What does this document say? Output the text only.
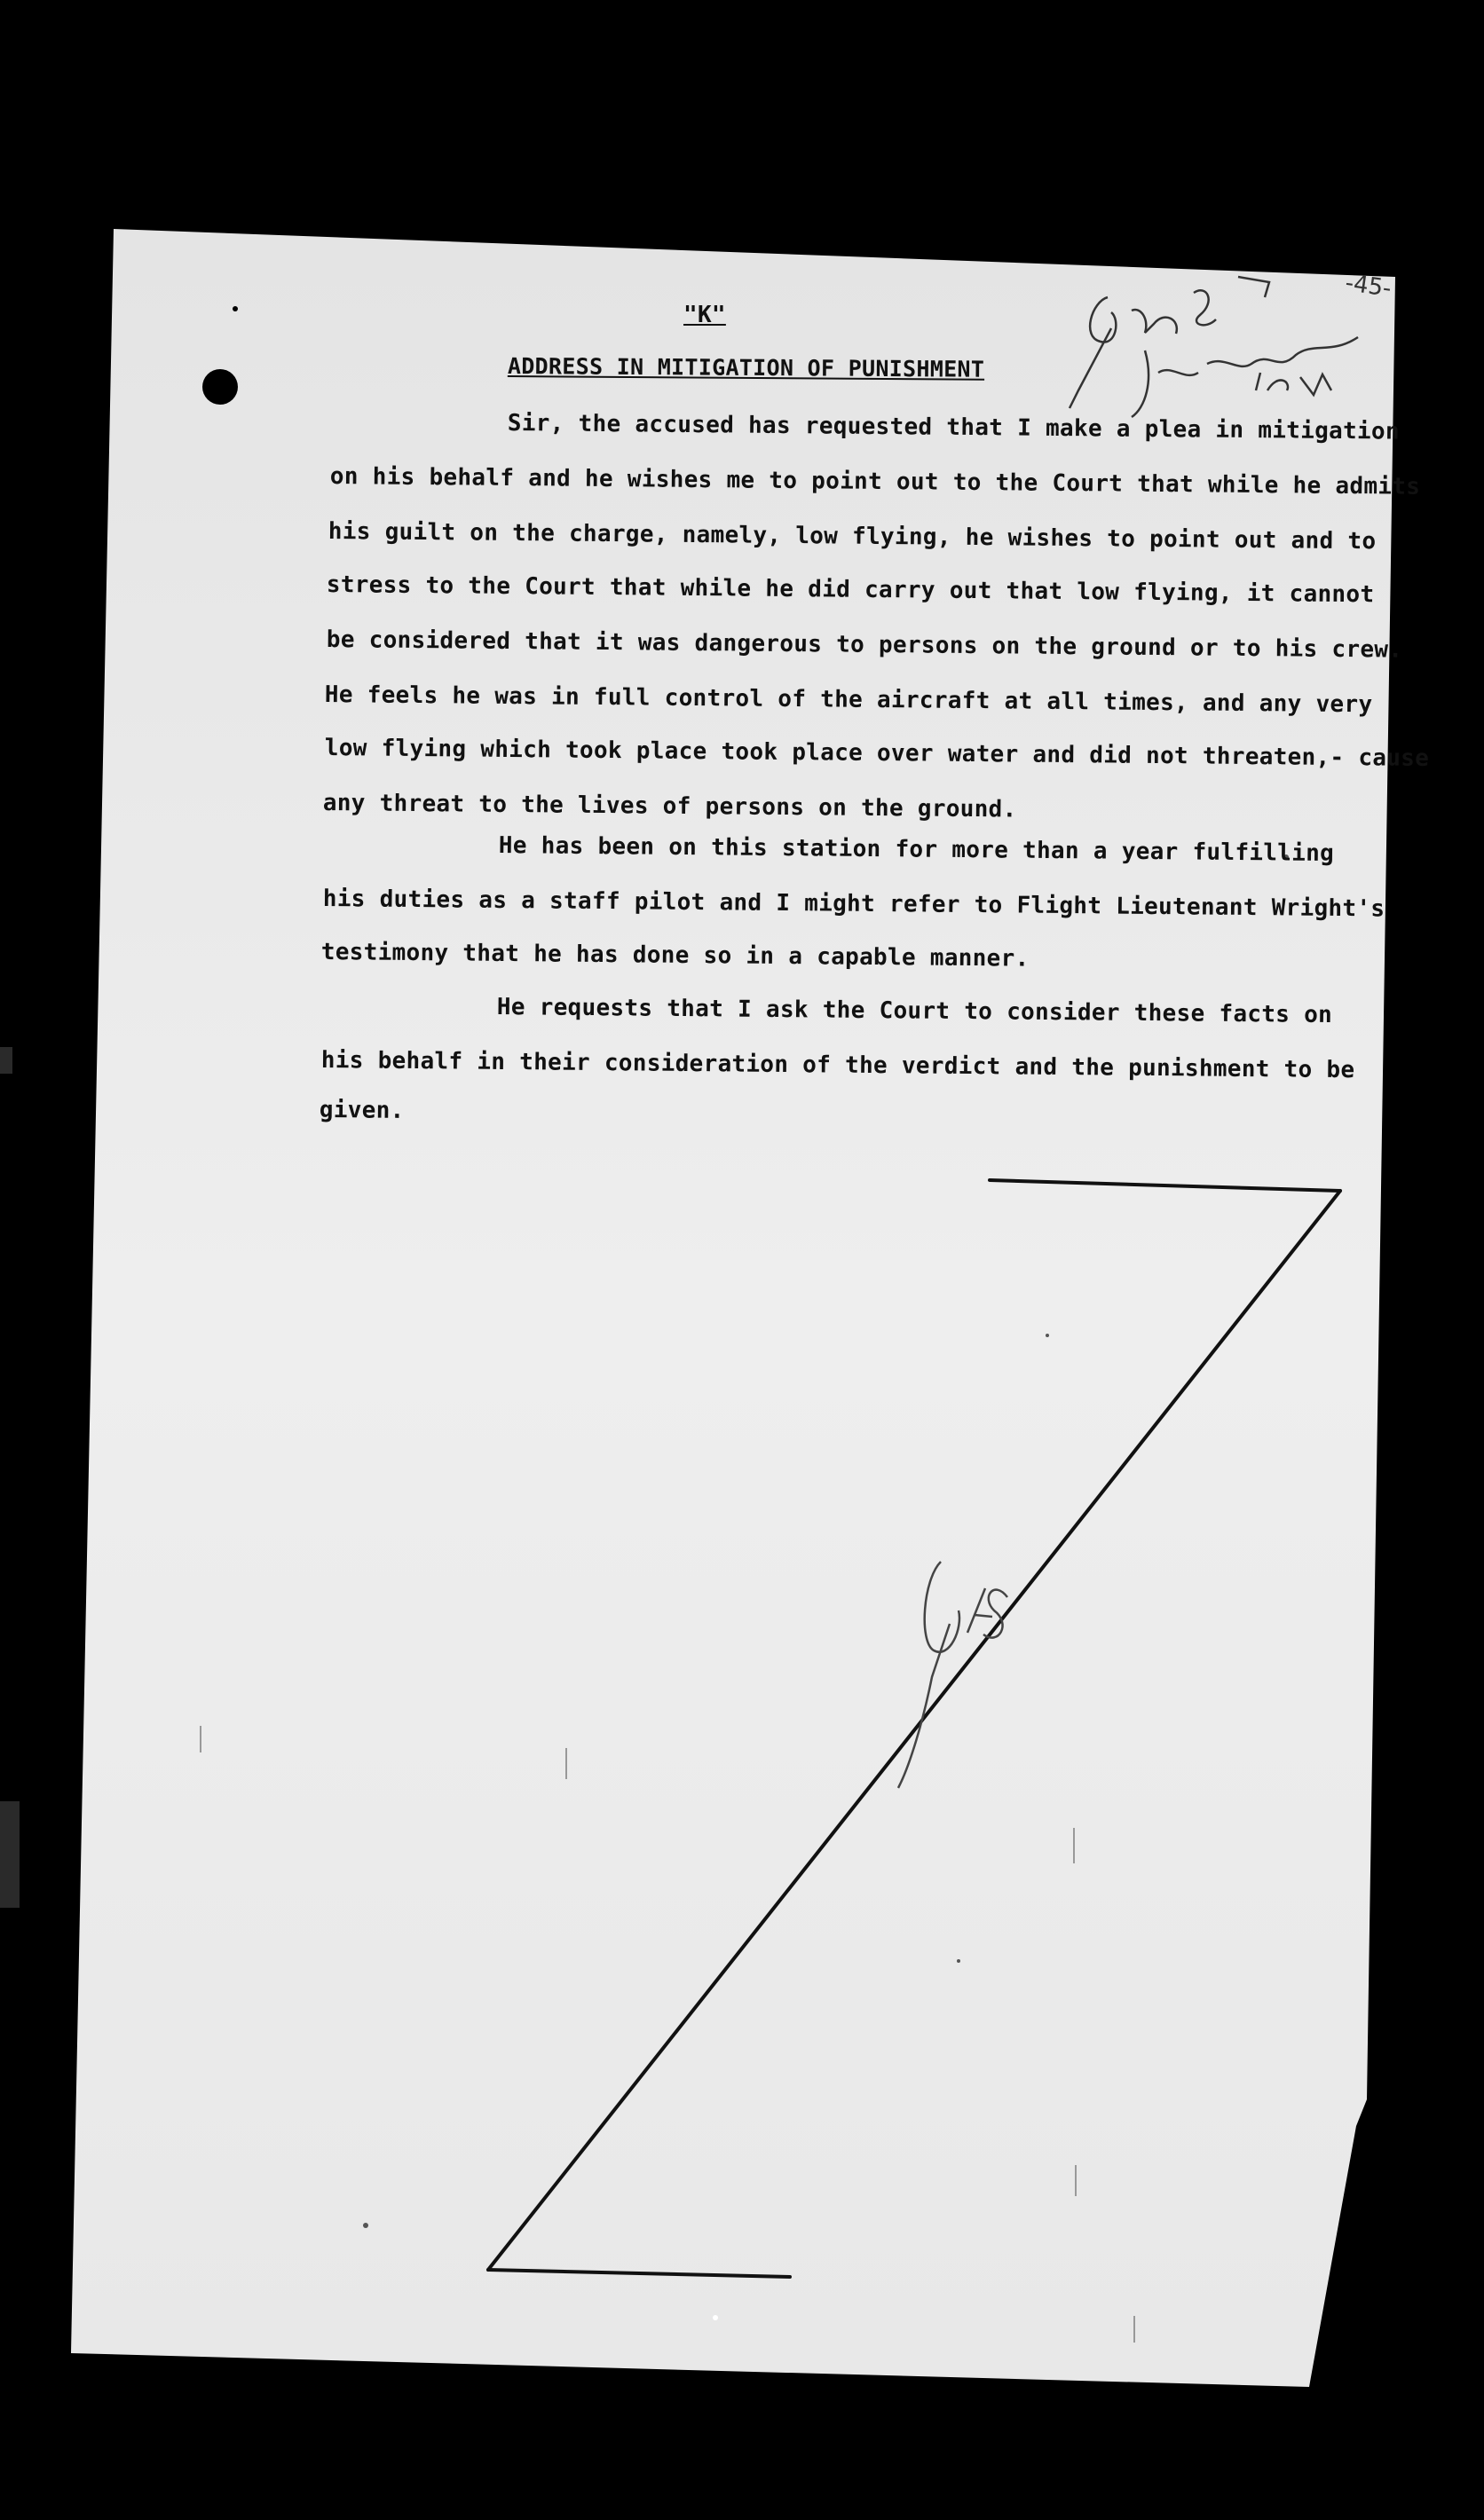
-45-
"K"
ADDRESS IN MITIGATION OF PUNISHMENT
Sir, the accused has requested that I make a plea in mitigation
on his behalf and he wishes me to point out to the Court that while he admits
his guilt on the charge, namely, low flying, he wishes to point out and to
stress to the Court that while he did carry out that low flying, it cannot
be considered that it was dangerous to persons on the ground or to his crew.
He feels he was in full control of the aircraft at all times, and any very
low flying which took place took place over water and did not threaten,- cause
any threat to the lives of persons on the ground.
He has been on this station for more than a year fulfilling
his duties as a staff pilot and I might refer to Flight Lieutenant Wright's
testimony that he has done so in a capable manner.
He requests that I ask the Court to consider these facts on
his behalf in their consideration of the verdict and the punishment to be
given.
